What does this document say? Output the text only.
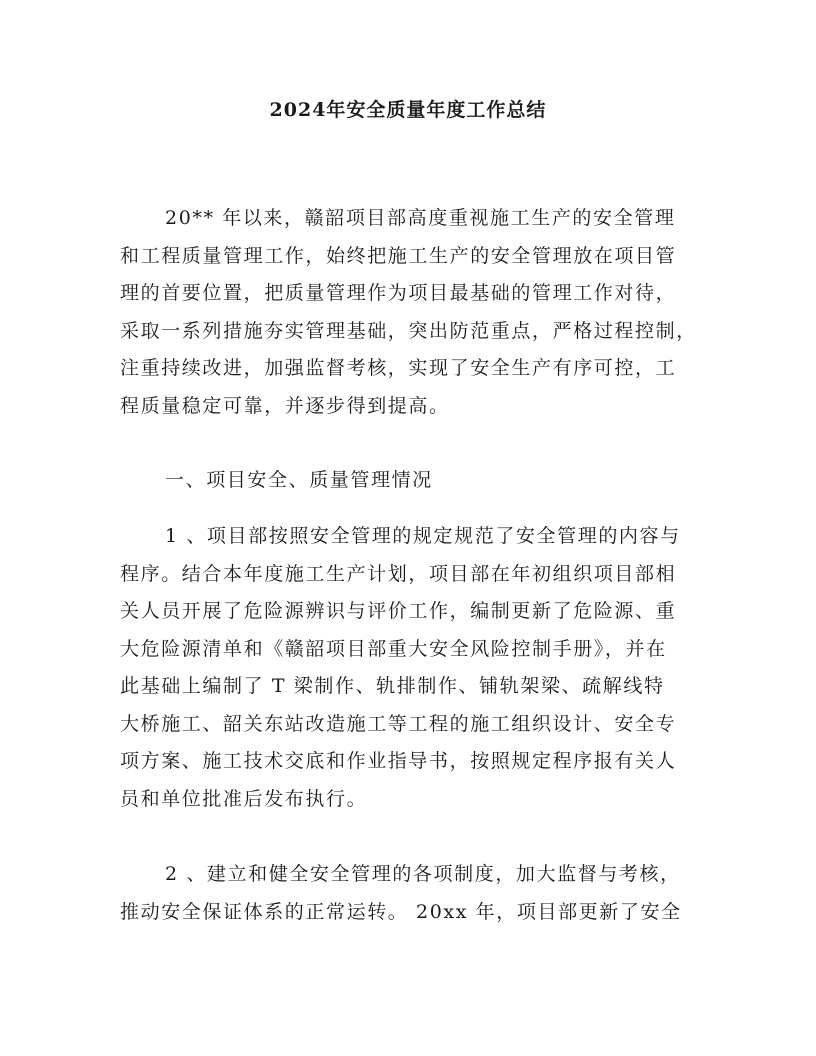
2024年安全质量年度工作总结
20** 年以来，赣韶项目部高度重视施工生产的安全管理
和工程质量管理工作，始终把施工生产的安全管理放在项目管
理的首要位置，把质量管理作为项目最基础的管理工作对待，
采取一系列措施夯实管理基础，突出防范重点，严格过程控制，
注重持续改进，加强监督考核，实现了安全生产有序可控，工
程质量稳定可靠，并逐步得到提高。
一、项目安全、质量管理情况
1 、项目部按照安全管理的规定规范了安全管理的内容与
程序。结合本年度施工生产计划，项目部在年初组织项目部相
关人员开展了危险源辨识与评价工作，编制更新了危险源、重
大危险源清单和《赣韶项目部重大安全风险控制手册》，并在
此基础上编制了 T 梁制作、轨排制作、铺轨架梁、疏解线特
大桥施工、韶关东站改造施工等工程的施工组织设计、安全专
项方案、施工技术交底和作业指导书，按照规定程序报有关人
员和单位批准后发布执行。
2 、建立和健全安全管理的各项制度，加大监督与考核，
推动安全保证体系的正常运转。 20xx 年，项目部更新了安全
